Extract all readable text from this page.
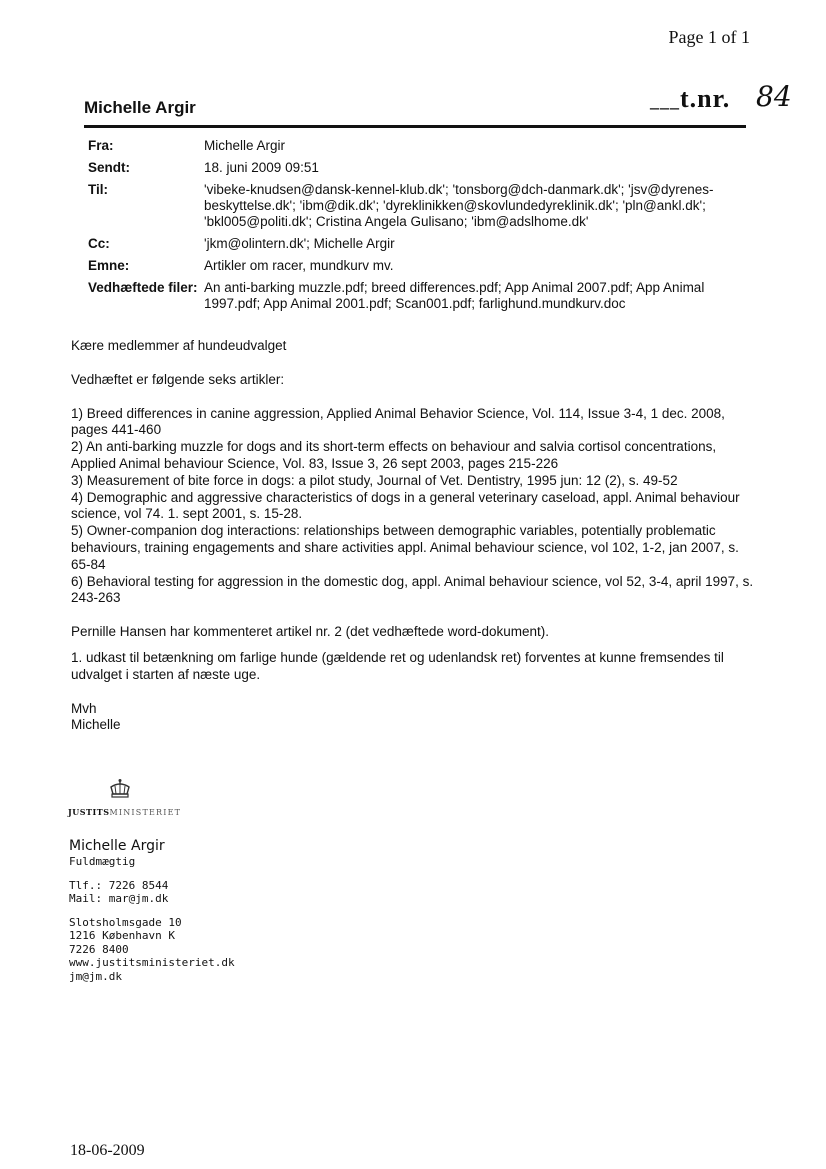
Page 1 of 1
Michelle Argir	___t.nr. 84
Fra:	Michelle Argir
Sendt:	18. juni 2009 09:51
Til:	'vibeke-knudsen@dansk-kennel-klub.dk'; 'tonsborg@dch-danmark.dk'; 'jsv@dyrenes-beskyttelse.dk'; 'ibm@dik.dk'; 'dyreklinikken@skovlundedyreklinik.dk'; 'pln@ankl.dk'; 'bkl005@politi.dk'; Cristina Angela Gulisano; 'ibm@adslhome.dk'
Cc:	'jkm@olintern.dk'; Michelle Argir
Emne:	Artikler om racer, mundkurv mv.
Vedhæftede filer: An anti-barking muzzle.pdf; breed differences.pdf; App Animal 2007.pdf; App Animal 1997.pdf; App Animal 2001.pdf; Scan001.pdf; farlighund.mundkurv.doc

Kære medlemmer af hundeudvalget

Vedhæftet er følgende seks artikler:

1) Breed differences in canine aggression, Applied Animal Behavior Science, Vol. 114, Issue 3-4, 1 dec. 2008, pages 441-460

2) An anti-barking muzzle for dogs and its short-term effects on behaviour and salvia cortisol concentrations, Applied Animal behaviour Science, Vol. 83, Issue 3, 26 sept 2003, pages 215-226

3) Measurement of bite force in dogs: a pilot study, Journal of Vet. Dentistry, 1995 jun: 12 (2), s. 49-52

4) Demographic and aggressive characteristics of dogs in a general veterinary caseload, appl. Animal behaviour science, vol 74. 1. sept 2001, s. 15-28.

5) Owner-companion dog interactions: relationships between demographic variables, potentially problematic behaviours, training engagements and share activities appl. Animal behaviour science, vol 102, 1-2, jan 2007, s. 65-84

6) Behavioral testing for aggression in the domestic dog, appl. Animal behaviour science, vol 52, 3-4, april 1997, s. 243-263

Pernille Hansen har kommenteret artikel nr. 2 (det vedhæftede word-dokument).

1. udkast til betænkning om farlige hunde (gældende ret og udenlandsk ret) forventes at kunne fremsendes til udvalget i starten af næste uge.

Mvh

Michelle

JUSTITSMINISTERIET
Michelle Argir
Fuldmægtig
Tlf.: 7226 8544
Mail: mar@jm.dk
Slotsholmsgade 10
1216 København K
7226 8400
www.justitsministeriet.dk
jm@jm.dk
18-06-2009
